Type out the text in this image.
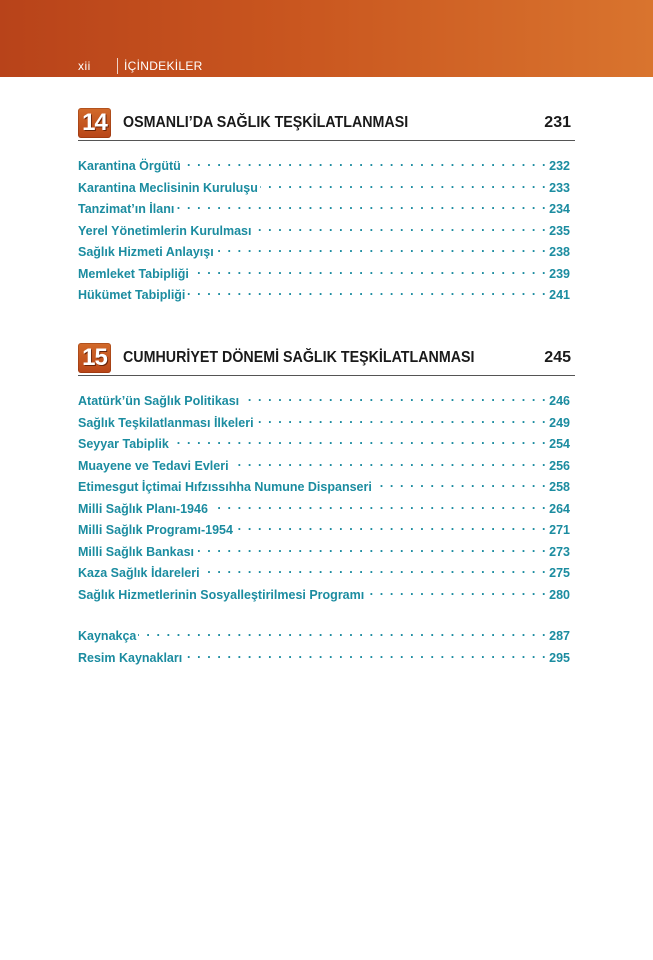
xii	İÇİNDEKİLER
14 OSMANLI’DA SAĞLIK TEŞKİLATLANMASI	231
Karantina Örgütü . . .	232
Karantina Meclisinin Kuruluşu . . .	233
Tanzimat’ın İlanı . . .	234
Yerel Yönetimlerin Kurulması . . .	235
Sağlık Hizmeti Anlayışı . . .	238
Memleket Tabipliği . . .	239
Hükümet Tabipliği . . .	241
15 CUMHURİYET DÖNEMİ SAĞLIK TEŞKİLATLANMASI	245
Atatürk’ün Sağlık Politikası . . .	246
Sağlık Teşkilatlanması İlkeleri . . .	249
Seyyar Tabiplik . . .	254
Muayene ve Tedavi Evleri . . .	256
Etimesgut İçtimai Hıfzıssıhha Numune Dispanseri . . .	258
Milli Sağlık Planı-1946 . . .	264
Milli Sağlık Programı-1954 . . .	271
Milli Sağlık Bankası . . .	273
Kaza Sağlık İdareleri . . .	275
Sağlık Hizmetlerinin Sosyalleştirilmesi Programı . . .	280
Kaynakça . . .	287
Resim Kaynakları . . .	295
